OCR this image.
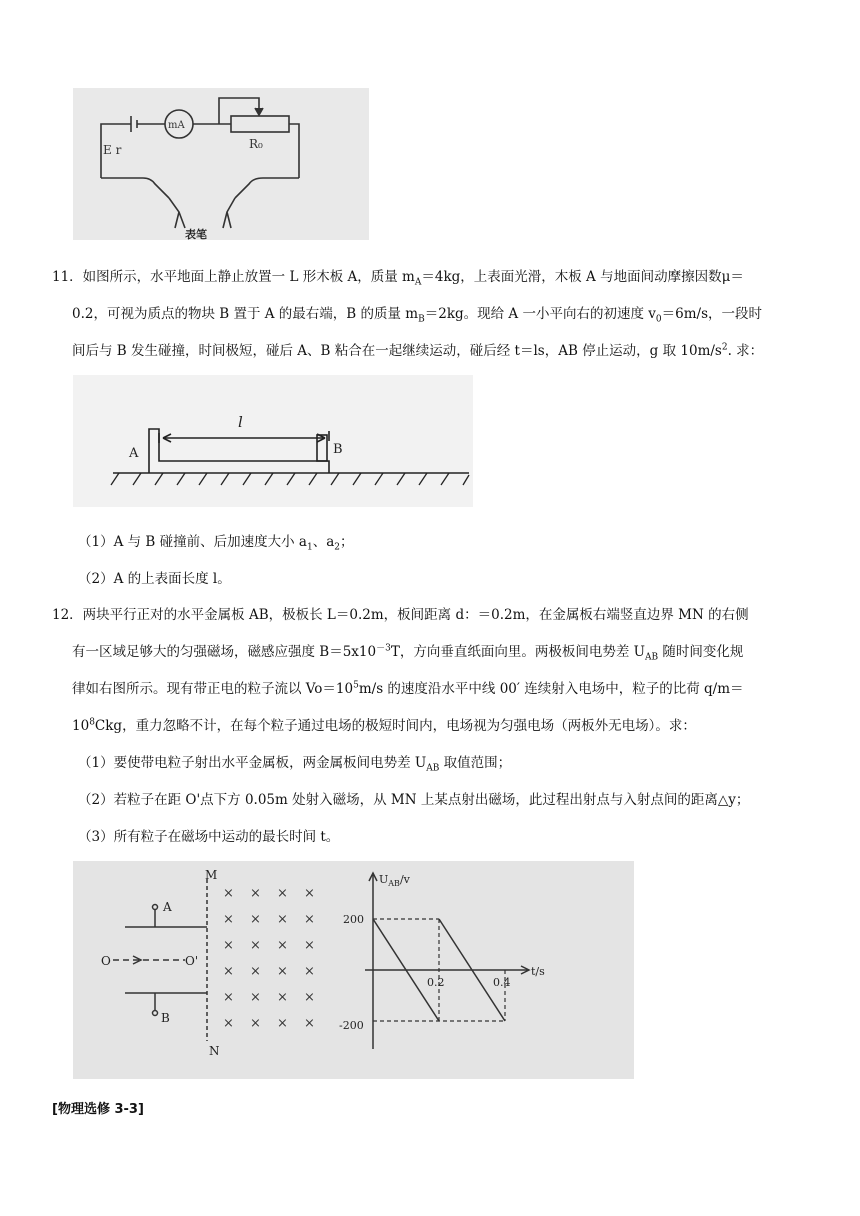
E r
mA
R₀
表笔
11．如图所示，水平地面上静止放置一 L 形木板 A，质量 $m_A=4kg$，上表面光滑，木板 A 与地面间动摩擦因数μ＝
0.2，可视为质点的物块 B 置于 A 的最右端，B 的质量 $m_B=2kg$。现给 A 一小平向右的初速度 $v_0=6m/s$，一段时
间后与 B 发生碰撞，时间极短，碰后 A、B 粘合在一起继续运动，碰后经 t＝ls，AB 停止运动，g 取 $10m/s^2$. 求：
A	B
l
（1）A 与 B 碰撞前、后加速度大小 $a_1$、$a_2$；
（2）A 的上表面长度 l。
12．两块平行正对的水平金属板 AB，极板长 L＝0.2m，板间距离 d：＝0.2m，在金属板右端竖直边界 MN 的右侧
有一区域足够大的匀强磁场，磁感应强度 $B=5x10^{-3}T$，方向垂直纸面向里。两极板间电势差 $U_{AB}$ 随时间变化规
律如右图所示。现有带正电的粒子流以 $Vo=10^5m/s$ 的速度沿水平中线 00′ 连续射入电场中，粒子的比荷 q/m＝
$10^8Ckg$，重力忽略不计，在每个粒子通过电场的极短时间内，电场视为匀强电场（两板外无电场）。求：
（1）要使带电粒子射出水平金属板，两金属板间电势差 $U_{AB}$ 取值范围；
（2）若粒子在距 O'点下方 0.05m 处射入磁场，从 MN 上某点射出磁场，此过程出射点与入射点间的距离△y；
（3）所有粒子在磁场中运动的最长时间 t。
× × × ×
× × × ×
× × × ×
× × × ×
× × × ×
× × × ×
A
B
O	O'
M
N
$U_{AB}/v$
t/s
0.2	0.4
200
-200
[物理选修 3-3]
